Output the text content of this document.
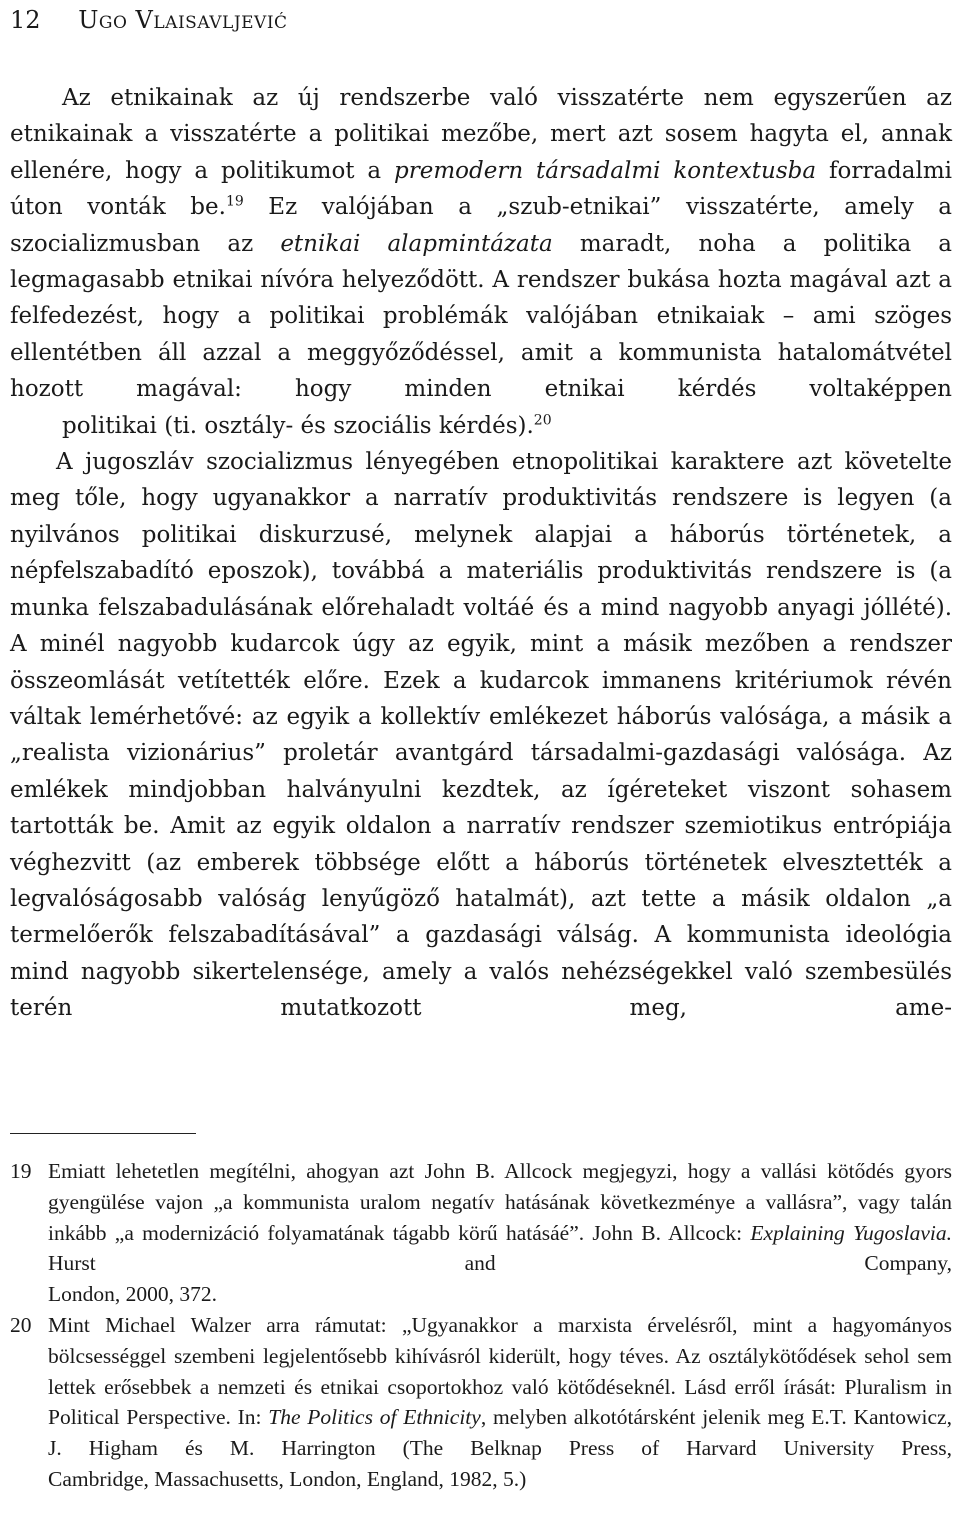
12 Ugo Vlaisavljević

Az etnikainak az új rendszerbe való visszatérte nem egyszerűen az etnikainak a visszatérte a politikai mezőbe, mert azt sosem hagyta el, annak ellenére, hogy a politikumot a premodern társadalmi kontextusba forradalmi úton vonták be.$^{19}$ Ez valójában a „szub-etnikai” visszatérte, amely a szocializmusban az etnikai alapmintázata maradt, noha a politika a legmagasabb etnikai nívóra helyeződött. A rendszer bukása hozta magával azt a felfedezést, hogy a politikai problémák valójában etnikaiak – ami szöges ellentétben áll azzal a meggyőződéssel, amit a kommunista hatalomátvétel hozott magával: hogy minden etnikai kérdés voltaképpen
politikai (ti. osztály- és szociális kérdés).$^{20}$

A jugoszláv szocializmus lényegében etnopolitikai karaktere azt követelte meg tőle, hogy ugyanakkor a narratív produktivitás rendszere is legyen (a nyilvános politikai diskurzusé, melynek alapjai a háborús történetek, a népfelszabadító eposzok), továbbá a materiális produktivitás rendszere is (a munka felszabadulásának előrehaladt voltáé és a mind nagyobb anyagi jóllété). A minél nagyobb kudarcok úgy az egyik, mint a másik mezőben a rendszer összeomlását vetítették előre. Ezek a kudarcok immanens kritériumok révén váltak lemérhetővé: az egyik a kollektív emlékezet háborús valósága, a másik a „realista vizionárius” proletár avantgárd társadalmi-gazdasági valósága. Az emlékek mindjobban halványulni kezdtek, az ígéreteket viszont sohasem tartották be. Amit az egyik oldalon a narratív rendszer szemiotikus entrópiája véghezvitt (az emberek többsége előtt a háborús történetek elvesztették a legvalóságosabb valóság lenyűgöző hatalmát), azt tette a másik oldalon „a termelőerők felszabadításával” a gazdasági válság. A kommunista ideológia mind nagyobb sikertelensége, amely a valós nehézségekkel való szembesülés terén mutatkozott meg, ame-

19 Emiatt lehetetlen megítélni, ahogyan azt John B. Allcock megjegyzi, hogy a vallási kötődés gyors gyengülése vajon „a kommunista uralom negatív hatásának következménye a vallásra”, vagy talán inkább „a modernizáció folyamatának tágabb körű hatásáé”. John B. Allcock: Explaining Yugoslavia. Hurst and Company,
London, 2000, 372.
20 Mint Michael Walzer arra rámutat: „Ugyanakkor a marxista érvelésről, mint a hagyományos bölcsességgel szembeni legjelentősebb kihívásról kiderült, hogy téves. Az osztálykötődések sehol sem lettek erősebbek a nemzeti és etnikai csoportokhoz való kötődéseknél. Lásd erről írását: Pluralism in Political Perspective. In: The Politics of Ethnicity, melyben alkotótársként jelenik meg E.T. Kantowicz, J. Higham és M. Harrington (The Belknap Press of Harvard University Press,
Cambridge, Massachusetts, London, England, 1982, 5.)
